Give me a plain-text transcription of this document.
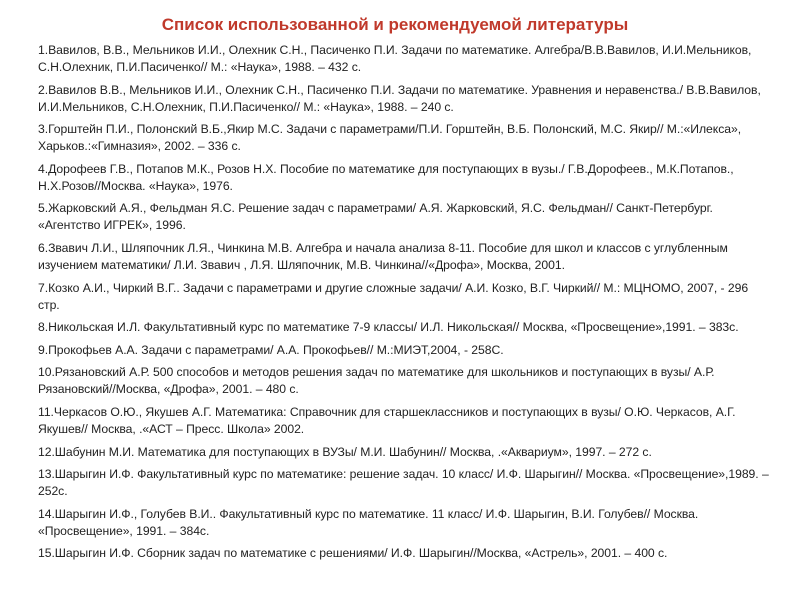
Список использованной и рекомендуемой литературы
1.Вавилов, В.В., Мельников И.И., Олехник С.Н., Пасиченко П.И. Задачи по математике. Алгебра/В.В.Вавилов, И.И.Мельников, С.Н.Олехник, П.И.Пасиченко// М.: «Наука», 1988. – 432 с.
2.Вавилов В.В., Мельников И.И., Олехник С.Н., Пасиченко П.И. Задачи по математике. Уравнения и неравенства./ В.В.Вавилов, И.И.Мельников, С.Н.Олехник, П.И.Пасиченко// М.: «Наука», 1988. – 240 с.
3.Горштейн П.И., Полонский В.Б.,Якир М.С. Задачи с параметрами/П.И. Горштейн, В.Б. Полонский, М.С. Якир// М.:«Илекса», Харьков.:«Гимназия», 2002. – 336 с.
4.Дорофеев Г.В., Потапов М.К., Розов Н.Х. Пособие по математике для поступающих в вузы./ Г.В.Дорофеев., М.К.Потапов., Н.Х.Розов//Москва. «Наука», 1976.
5.Жарковский А.Я., Фельдман Я.С. Решение задач с параметрами/ А.Я. Жарковский, Я.С. Фельдман// Санкт-Петербург. «Агентство ИГРЕК», 1996.
6.Звавич Л.И., Шляпочник Л.Я., Чинкина М.В. Алгебра и начала анализа 8-11. Пособие для школ и классов с углубленным изучением математики/ Л.И. Звавич , Л.Я. Шляпочник, М.В. Чинкина//«Дрофа», Москва, 2001.
7.Козко А.И., Чиркий В.Г.. Задачи с параметрами и другие сложные задачи/ А.И. Козко, В.Г. Чиркий// М.: МЦНОМО, 2007, - 296 стр.
8.Никольская И.Л. Факультативный курс по математике 7-9 классы/ И.Л. Никольская// Москва, «Просвещение»,1991. – 383с.
9.Прокофьев А.А. Задачи с параметрами/ А.А. Прокофьев// М.:МИЭТ,2004, - 258С.
10.Рязановский А.Р. 500 способов и методов решения задач по математике для школьников и поступающих в вузы/ А.Р. Рязановский//Москва, «Дрофа», 2001. – 480 с.
11.Черкасов О.Ю., Якушев А.Г. Математика: Справочник для старшеклассников и поступающих в вузы/ О.Ю. Черкасов, А.Г. Якушев// Москва, .«АСТ – Пресс. Школа» 2002.
12.Шабунин М.И. Математика для поступающих в ВУЗы/ М.И. Шабунин// Москва, .«Аквариум», 1997. – 272 с.
13.Шарыгин И.Ф. Факультативный курс по математике: решение задач. 10 класс/ И.Ф. Шарыгин// Москва. «Просвещение»,1989. – 252с.
14.Шарыгин И.Ф., Голубев В.И.. Факультативный курс по математике. 11 класс/ И.Ф. Шарыгин, В.И. Голубев// Москва. «Просвещение», 1991. – 384с.
15.Шарыгин И.Ф. Сборник задач по математике с решениями/ И.Ф. Шарыгин//Москва, «Астрель», 2001. – 400 с.
